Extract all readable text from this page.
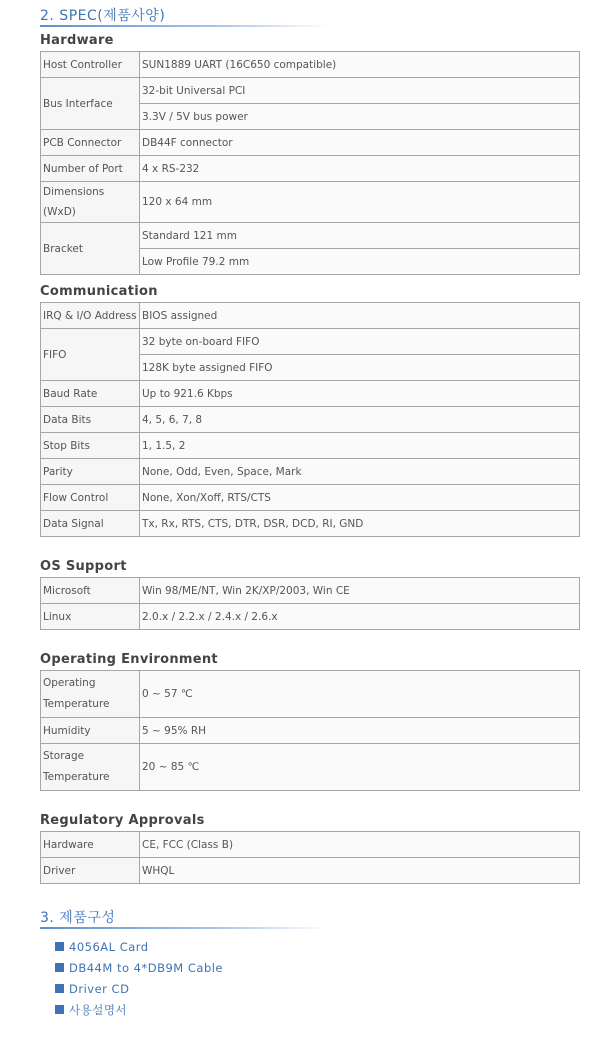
2. SPEC(제품사양)
Hardware
Host Controller	SUN1889 UART (16C650 compatible)
Bus Interface	32-bit Universal PCI
	3.3V / 5V bus power
PCB Connector	DB44F connector
Number of Port	4 x RS-232
Dimensions (WxD)	120 x 64 mm
Bracket	Standard 121 mm
	Low Profile 79.2 mm
Communication
IRQ & I/O Address	BIOS assigned
FIFO	32 byte on-board FIFO
	128K byte assigned FIFO
Baud Rate	Up to 921.6 Kbps
Data Bits	4, 5, 6, 7, 8
Stop Bits	1, 1.5, 2
Parity	None, Odd, Even, Space, Mark
Flow Control	None, Xon/Xoff, RTS/CTS
Data Signal	Tx, Rx, RTS, CTS, DTR, DSR, DCD, RI, GND
OS Support
Microsoft	Win 98/ME/NT, Win 2K/XP/2003, Win CE
Linux	2.0.x / 2.2.x / 2.4.x / 2.6.x
Operating Environment
Operating Temperature	0 ~ 57 ℃
Humidity	5 ~ 95% RH
Storage Temperature	20 ~ 85 ℃
Regulatory Approvals
Hardware	CE, FCC (Class B)
Driver	WHQL
3. 제품구성
4056AL Card
DB44M to 4*DB9M Cable
Driver CD
사용설명서
